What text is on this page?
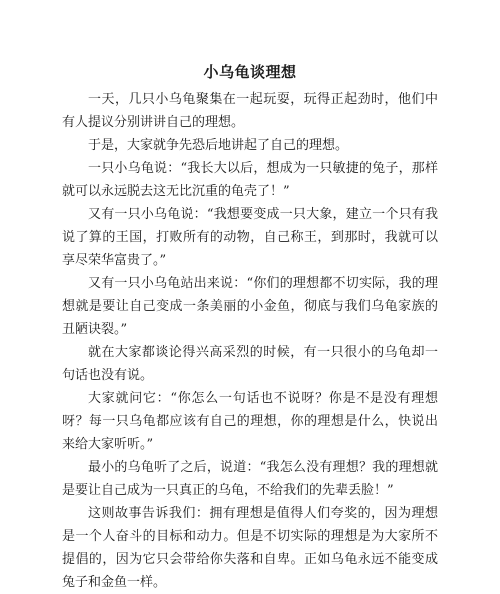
小乌龟谈理想

一天，几只小乌龟聚集在一起玩耍，玩得正起劲时，他们中有人提议分别讲讲自己的理想。

于是，大家就争先恐后地讲起了自己的理想。

一只小乌龟说：“我长大以后，想成为一只敏捷的兔子，那样就可以永远脱去这无比沉重的龟壳了！”

又有一只小乌龟说：“我想要变成一只大象，建立一个只有我说了算的王国，打败所有的动物，自己称王，到那时，我就可以享尽荣华富贵了。”

又有一只小乌龟站出来说：“你们的理想都不切实际，我的理想就是要让自己变成一条美丽的小金鱼，彻底与我们乌龟家族的丑陋诀裂。”

就在大家都谈论得兴高采烈的时候，有一只很小的乌龟却一句话也没有说。

大家就问它：“你怎么一句话也不说呀？你是不是没有理想呀？每一只乌龟都应该有自己的理想，你的理想是什么，快说出来给大家听听。”

最小的乌龟听了之后，说道：“我怎么没有理想？我的理想就是要让自己成为一只真正的乌龟，不给我们的先辈丢脸！”

这则故事告诉我们：拥有理想是值得人们夸奖的，因为理想是一个人奋斗的目标和动力。但是不切实际的理想是为大家所不提倡的，因为它只会带给你失落和自卑。正如乌龟永远不能变成兔子和金鱼一样。
